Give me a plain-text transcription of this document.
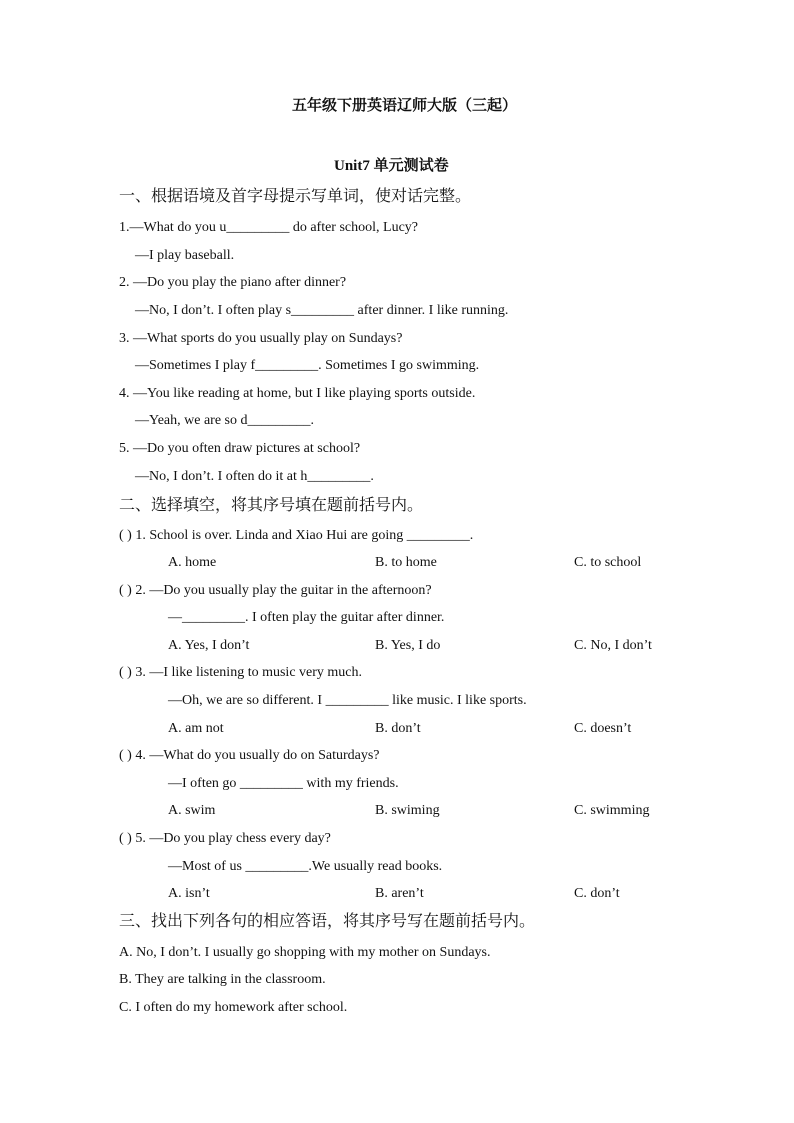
五年级下册英语辽师大版（三起）
Unit7 单元测试卷
一、根据语境及首字母提示写单词，使对话完整。
1.—What do you u_________ do after school, Lucy?
—I play baseball.
2. —Do you play the piano after dinner?
—No, I don’t. I often play s_________ after dinner. I like running.
3. —What sports do you usually play on Sundays?
—Sometimes I play f_________. Sometimes I go swimming.
4. —You like reading at home, but I like playing sports outside.
—Yeah, we are so d_________.
5. —Do you often draw pictures at school?
—No, I don’t. I often do it at h_________.
二、选择填空，将其序号填在题前括号内。
( ) 1. School is over. Linda and Xiao Hui are going _________.
A. home	B. to home	C. to school
( ) 2. —Do you usually play the guitar in the afternoon?
—_________. I often play the guitar after dinner.
A. Yes, I don’t	B. Yes, I do	C. No, I don’t
( ) 3. —I like listening to music very much.
—Oh, we are so different. I _________ like music. I like sports.
A. am not	B. don’t	C. doesn’t
( ) 4. —What do you usually do on Saturdays?
—I often go _________ with my friends.
A. swim	B. swiming	C. swimming
( ) 5. —Do you play chess every day?
—Most of us _________.We usually read books.
A. isn’t	B. aren’t	C. don’t
三、找出下列各句的相应答语，将其序号写在题前括号内。
A. No, I don’t. I usually go shopping with my mother on Sundays.
B. They are talking in the classroom.
C. I often do my homework after school.
